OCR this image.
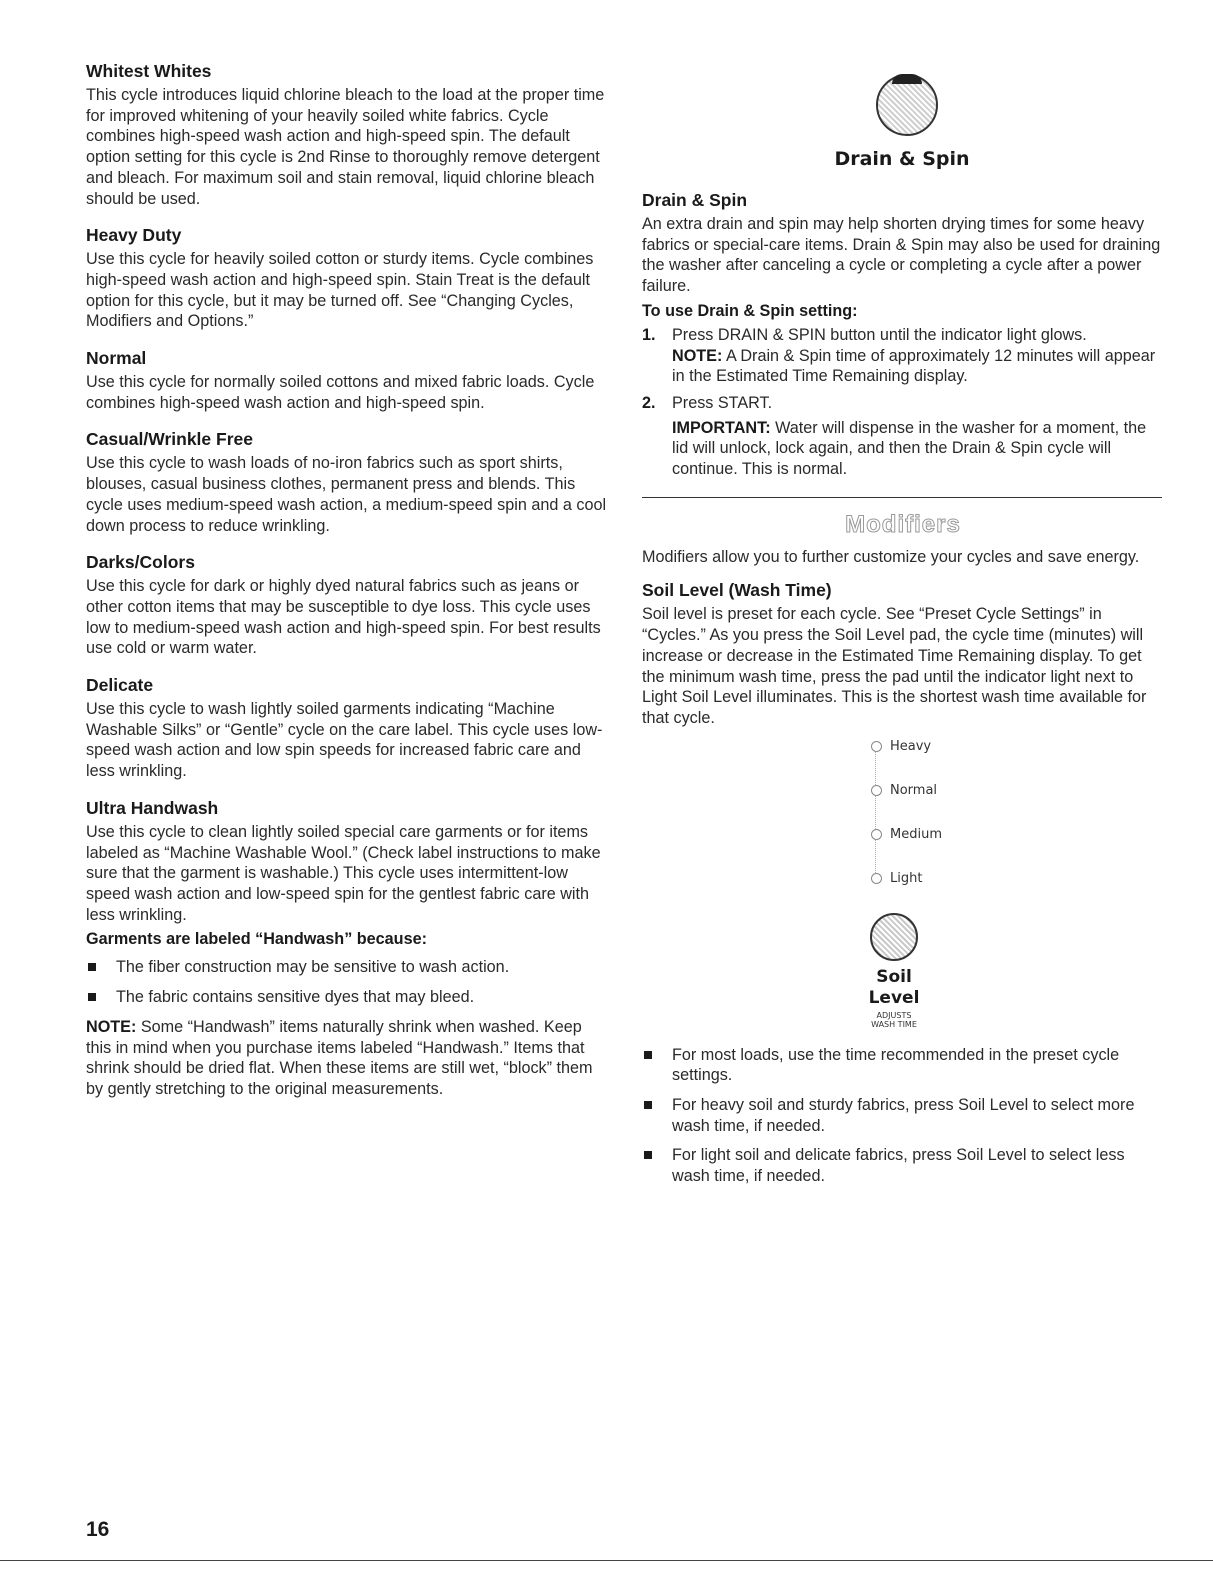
Whitest Whites

This cycle introduces liquid chlorine bleach to the load at the proper time for improved whitening of your heavily soiled white fabrics. Cycle combines high-speed wash action and high-speed spin. The default option setting for this cycle is 2nd Rinse to thoroughly remove detergent and bleach. For maximum soil and stain removal, liquid chlorine bleach should be used.

Heavy Duty

Use this cycle for heavily soiled cotton or sturdy items. Cycle combines high-speed wash action and high-speed spin. Stain Treat is the default option for this cycle, but it may be turned off. See “Changing Cycles, Modifiers and Options.”

Normal

Use this cycle for normally soiled cottons and mixed fabric loads. Cycle combines high-speed wash action and high-speed spin.

Casual/Wrinkle Free

Use this cycle to wash loads of no-iron fabrics such as sport shirts, blouses, casual business clothes, permanent press and blends. This cycle uses medium-speed wash action, a medium-speed spin and a cool down process to reduce wrinkling.

Darks/Colors

Use this cycle for dark or highly dyed natural fabrics such as jeans or other cotton items that may be susceptible to dye loss. This cycle uses low to medium-speed wash action and high-speed spin. For best results use cold or warm water.

Delicate

Use this cycle to wash lightly soiled garments indicating “Machine Washable Silks” or “Gentle” cycle on the care label. This cycle uses low-speed wash action and low spin speeds for increased fabric care and less wrinkling.

Ultra Handwash

Use this cycle to clean lightly soiled special care garments or for items labeled as “Machine Washable Wool.” (Check label instructions to make sure that the garment is washable.) This cycle uses intermittent-low speed wash action and low-speed spin for the gentlest fabric care with less wrinkling.

Garments are labeled “Handwash” because:
The fiber construction may be sensitive to wash action.
The fabric contains sensitive dyes that may bleed.

NOTE: Some “Handwash” items naturally shrink when washed. Keep this in mind when you purchase items labeled “Handwash.” Items that shrink should be dried flat. When these items are still wet, “block” them by gently stretching to the original measurements.

Drain & Spin
Drain & Spin

An extra drain and spin may help shorten drying times for some heavy fabrics or special-care items. Drain & Spin may also be used for draining the washer after canceling a cycle or completing a cycle after a power failure.

To use Drain & Spin setting:
1. Press DRAIN & SPIN button until the indicator light glows.
NOTE: A Drain & Spin time of approximately 12 minutes will appear in the Estimated Time Remaining display.
2. Press START.
IMPORTANT: Water will dispense in the washer for a moment, the lid will unlock, lock again, and then the Drain & Spin cycle will continue. This is normal.
Modifiers

Modifiers allow you to further customize your cycles and save energy.

Soil Level (Wash Time)

Soil level is preset for each cycle. See “Preset Cycle Settings” in “Cycles.” As you press the Soil Level pad, the cycle time (minutes) will increase or decrease in the Estimated Time Remaining display. To get the minimum wash time, press the pad until the indicator light next to Light Soil Level illuminates. This is the shortest wash time available for that cycle.

Heavy
Normal
Medium
Light
Soil
Level
ADJUSTS
WASH TIME
For most loads, use the time recommended in the preset cycle settings.
For heavy soil and sturdy fabrics, press Soil Level to select more wash time, if needed.
For light soil and delicate fabrics, press Soil Level to select less wash time, if needed.
16
